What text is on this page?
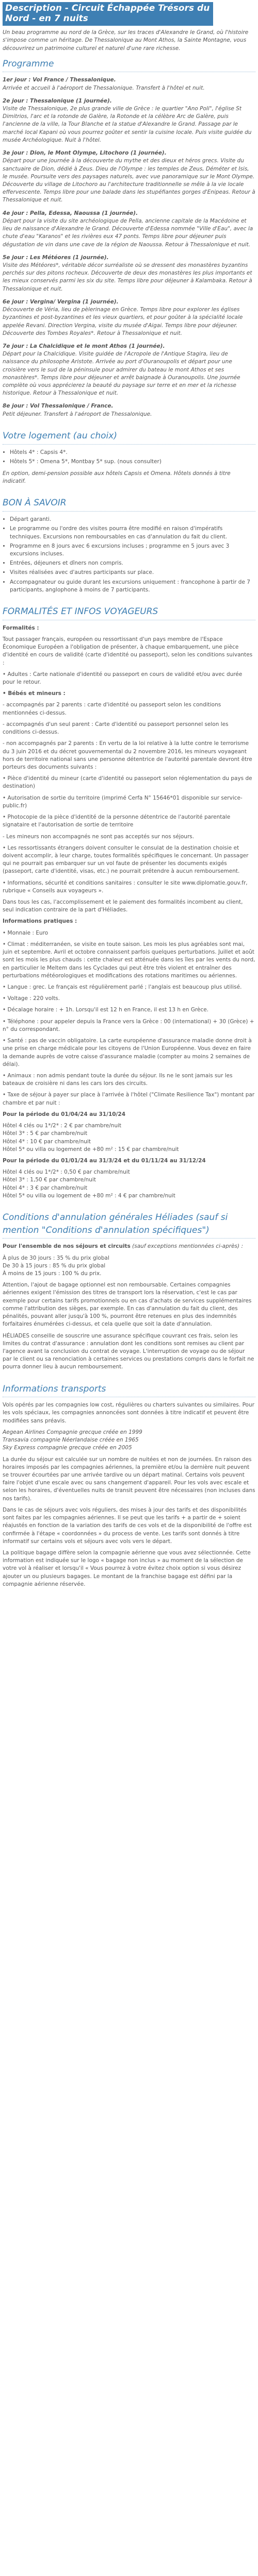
Description - Circuit Échappée Trésors du
Nord - en 7 nuits

Un beau programme au nord de la Grèce, sur les traces d'Alexandre le Grand, où l'histoire s'impose comme un héritage. De Thessalonique au Mont Athos, la Sainte Montagne, vous découvrirez un patrimoine culturel et naturel d'une rare richesse.

Programme
1er jour : Vol France / Thessalonique.
Arrivée et accueil à l'aéroport de Thessalonique. Transfert à l'hôtel et nuit.
2e jour : Thessalonique (1 journée).
Visite de Thessalonique, 2e plus grande ville de Grèce : le quartier "Ano Poli", l'église St Dimitrios, l'arc et la rotonde de Galère, la Rotonde et la célèbre Arc de Galère, puis l'ancienne de la ville, la Tour Blanche et la statue d'Alexandre le Grand. Passage par le marché local Kapani où vous pourrez goûter et sentir la cuisine locale. Puis visite guidée du musée Archéologique. Nuit à l'hôtel.
3e jour : Dion, le Mont Olympe, Litochoro (1 journée).
Départ pour une journée à la découverte du mythe et des dieux et héros grecs. Visite du sanctuaire de Dion, dédié à Zeus. Dieu de l'Olympe : les temples de Zeus, Déméter et Isis, le musée. Poursuite vers des paysages naturels, avec vue panoramique sur le Mont Olympe. Découverte du village de Litochoro au l'architecture traditionnelle se mêle à la vie locale effervescente. Temps libre pour une balade dans les stupéfiantes gorges d'Enipeas. Retour à Thessalonique et nuit.
4e jour : Pella, Edessa, Naoussa (1 journée).
Départ pour la visite du site archéologique de Pella, ancienne capitale de la Macédoine et lieu de naissance d'Alexandre le Grand. Découverte d'Edessa nommée "Ville d'Eau", avec la chute d'eau "Karanos" et les rivières eux 47 ponts. Temps libre pour déjeuner puis dégustation de vin dans une cave de la région de Naoussa. Retour à Thessalonique et nuit.
5e jour : Les Météores (1 journée).
Visite des Météores*, véritable décor surréaliste où se dressent des monastères byzantins perchés sur des pitons rocheux. Découverte de deux des monastères les plus importants et les mieux conservés parmi les six du site. Temps libre pour déjeuner à Kalambaka. Retour à Thessalonique et nuit.
6e jour : Vergina/ Vergina (1 journée).
Découverte de Véria, lieu de pèlerinage en Grèce. Temps libre pour explorer les églises byzantines et post-byzantines et les vieux quartiers, et pour goûter à la spécialité locale appelée Revani. Direction Vergina, visite du musée d'Aigai. Temps libre pour déjeuner. Découverte des Tombes Royales*. Retour à Thessalonique et nuit.
7e jour : La Chalcidique et le mont Athos (1 journée).
Départ pour la Chalcidique. Visite guidée de l'Acropole de l'Antique Stagira, lieu de naissance du philosophe Aristote. Arrivée au port d'Ouranoupolis et départ pour une croisière vers le sud de la péninsule pour admirer du bateau le mont Athos et ses monastères*. Temps libre pour déjeuner et arrêt baignade à Ouranoupolis. Une journée complète où vous apprécierez la beauté du paysage sur terre et en mer et la richesse historique. Retour à Thessalonique et nuit.
8e jour : Vol Thessalonique / France.
Petit déjeuner. Transfert à l'aéroport de Thessalonique.
Votre logement (au choix)
• Hôtels 4* : Capsis 4*.
• Hôtels 5* : Omena 5*, Montbay 5* sup. (nous consulter)

En option, demi-pension possible aux hôtels Capsis et Omena. Hôtels donnés à titre indicatif.

BON À SAVOIR
• Départ garanti.
• Le programme ou l'ordre des visites pourra être modifié en raison d'impératifs techniques. Excursions non remboursables en cas d'annulation du fait du client.
• Programme en 8 jours avec 6 excursions incluses ; programme en 5 jours avec 3 excursions incluses.
• Entrées, déjeuners et dîners non compris.
• Visites réalisées avec d'autres participants sur place.
• Accompagnateur ou guide durant les excursions uniquement : francophone à partir de 7 participants, anglophone à moins de 7 participants.
FORMALITÉS ET INFOS VOYAGEURS

Formalités :

Tout passager français, européen ou ressortissant d'un pays membre de l'Espace Économique Européen a l'obligation de présenter, à chaque embarquement, une pièce d'identité en cours de validité (carte d'identité ou passeport), selon les conditions suivantes :

• Adultes : Carte nationale d'identité ou passeport en cours de validité et/ou avec durée pour le retour.

• Bébés et mineurs :

- accompagnés par 2 parents : carte d'identité ou passeport selon les conditions mentionnées ci-dessus.

- accompagnés d'un seul parent : Carte d'identité ou passeport personnel selon les conditions ci-dessus.

- non accompagnés par 2 parents : En vertu de la loi relative à la lutte contre le terrorisme du 3 juin 2016 et du décret gouvernemental du 2 novembre 2016, les mineurs voyageant hors de territoire national sans une personne détentrice de l'autorité parentale devront être porteurs des documents suivants :

• Pièce d'identité du mineur (carte d'identité ou passeport selon réglementation du pays de destination)

• Autorisation de sortie du territoire (imprimé Cerfa N° 15646*01 disponible sur service-public.fr)

• Photocopie de la pièce d'identité de la personne détentrice de l'autorité parentale signataire et l'autorisation de sortie de territoire

- Les mineurs non accompagnés ne sont pas acceptés sur nos séjours.

• Les ressortissants étrangers doivent consulter le consulat de la destination choisie et doivent accomplir, à leur charge, toutes formalités spécifiques le concernant. Un passager qui ne pourrait pas embarquer sur un vol faute de présenter les documents exigés (passeport, carte d'identité, visas, etc.) ne pourrait prétendre à aucun remboursement.

• Informations, sécurité et conditions sanitaires : consulter le site www.diplomatie.gouv.fr, rubrique « Conseils aux voyageurs ».

Dans tous les cas, l'accomplissement et le paiement des formalités incombent au client, seul indication contraire de la part d'Héliades.

Informations pratiques :

• Monnaie : Euro

• Climat : méditerranéen, se visite en toute saison. Les mois les plus agréables sont mai, juin et septembre. Avril et octobre connaissent parfois quelques perturbations. Juillet et août sont les mois les plus chauds : cette chaleur est atténuée dans les îles par les vents du nord, en particulier le Meltem dans les Cyclades qui peut être très violent et entraîner des perturbations météorologiques et modifications des rotations maritimes ou aériennes.

• Langue : grec. Le français est régulièrement parlé ; l'anglais est beaucoup plus utilisé.

• Voltage : 220 volts.

• Décalage horaire : + 1h. Lorsqu'il est 12 h en France, il est 13 h en Grèce.

• Téléphone : pour appeler depuis la France vers la Grèce : 00 (international) + 30 (Grèce) + n° du correspondant.

• Santé : pas de vaccin obligatoire. La carte européenne d'assurance maladie donne droit à une prise en charge médicale pour les citoyens de l'Union Européenne. Vous devez en faire la demande auprès de votre caisse d'assurance maladie (compter au moins 2 semaines de délai).

• Animaux : non admis pendant toute la durée du séjour. Ils ne le sont jamais sur les bateaux de croisière ni dans les cars lors des circuits.

• Taxe de séjour à payer sur place à l'arrivée à l'hôtel ("Climate Resilience Tax") montant par chambre et par nuit :

Pour la période du 01/04/24 au 31/10/24

Hôtel 4 clés ou 1*/2* : 2 € par chambre/nuit
Hôtel 3* : 5 € par chambre/nuit
Hôtel 4* : 10 € par chambre/nuit
Hôtel 5* ou villa ou logement de +80 m² : 15 € par chambre/nuit

Pour la période du 01/01/24 au 31/3/24 et du 01/11/24 au 31/12/24

Hôtel 4 clés ou 1*/2* : 0,50 € par chambre/nuit
Hôtel 3* : 1,50 € par chambre/nuit
Hôtel 4* : 3 € par chambre/nuit
Hôtel 5* ou villa ou logement de +80 m² : 4 € par chambre/nuit
Conditions d'annulation générales Héliades (sauf si mention "Conditions d'annulation spécifiques")

Pour l'ensemble de nos séjours et circuits (sauf exceptions mentionnées ci-après) :

À plus de 30 jours : 35 % du prix global
De 30 à 15 jours : 85 % du prix global
À moins de 15 jours : 100 % du prix.

Attention, l'ajout de bagage optionnel est non remboursable. Certaines compagnies aériennes exigent l'émission des titres de transport lors la réservation, c'est le cas par exemple pour certains tarifs promotionnels ou en cas d'achats de services supplémentaires comme l'attribution des sièges, par exemple. En cas d'annulation du fait du client, des pénalités, pouvant aller jusqu'à 100 %, pourront être retenues en plus des indemnités forfaitaires énumérées ci-dessus, et cela quelle que soit la date d'annulation.

HÉLIADES conseille de souscrire une assurance spécifique couvrant ces frais, selon les limites du contrat d'assurance : annulation dont les conditions sont remises au client par l'agence avant la conclusion du contrat de voyage. L'interruption de voyage ou de séjour par le client ou sa renonciation à certaines services ou prestations compris dans le forfait ne pourra donner lieu à aucun remboursement.

Informations transports

Vols opérés par les compagnies low cost, régulières ou charters suivantes ou similaires. Pour les vols spéciaux, les compagnies annoncées sont données à titre indicatif et peuvent être modifiées sans préavis.

Aegean Airlines Compagnie grecque créée en 1999
Transavia compagnie Néerlandaise créée en 1965
Sky Express compagnie grecque créée en 2005

La durée du séjour est calculée sur un nombre de nuitées et non de journées. En raison des horaires imposés par les compagnies aériennes, la première et/ou la dernière nuit peuvent se trouver écourtées par une arrivée tardive ou un départ matinal. Certains vols peuvent faire l'objet d'une escale avec ou sans changement d'appareil. Pour les vols avec escale et selon les horaires, d'éventuelles nuits de transit peuvent être nécessaires (non incluses dans nos tarifs).

Dans le cas de séjours avec vols réguliers, des mises à jour des tarifs et des disponibilités sont faites par les compagnies aériennes. Il se peut que les tarifs + a partir de + soient réajustés en fonction de la variation des tarifs de ces vols et de la disponibilité de l'offre est confirmée à l'étape « coordonnées » du process de vente. Les tarifs sont donnés à titre informatif sur certains vols et séjours avec vols vers le départ.

La politique bagage diffère selon la compagnie aérienne que vous avez sélectionnée. Cette information est indiquée sur le logo « bagage non inclus » au moment de la sélection de votre vol à réaliser et lorsqu'il « Vous pourrez à votre évitez choix option si vous désirez ajouter un ou plusieurs bagages. Le montant de la franchise bagage est défini par la compagnie aérienne réservée.
